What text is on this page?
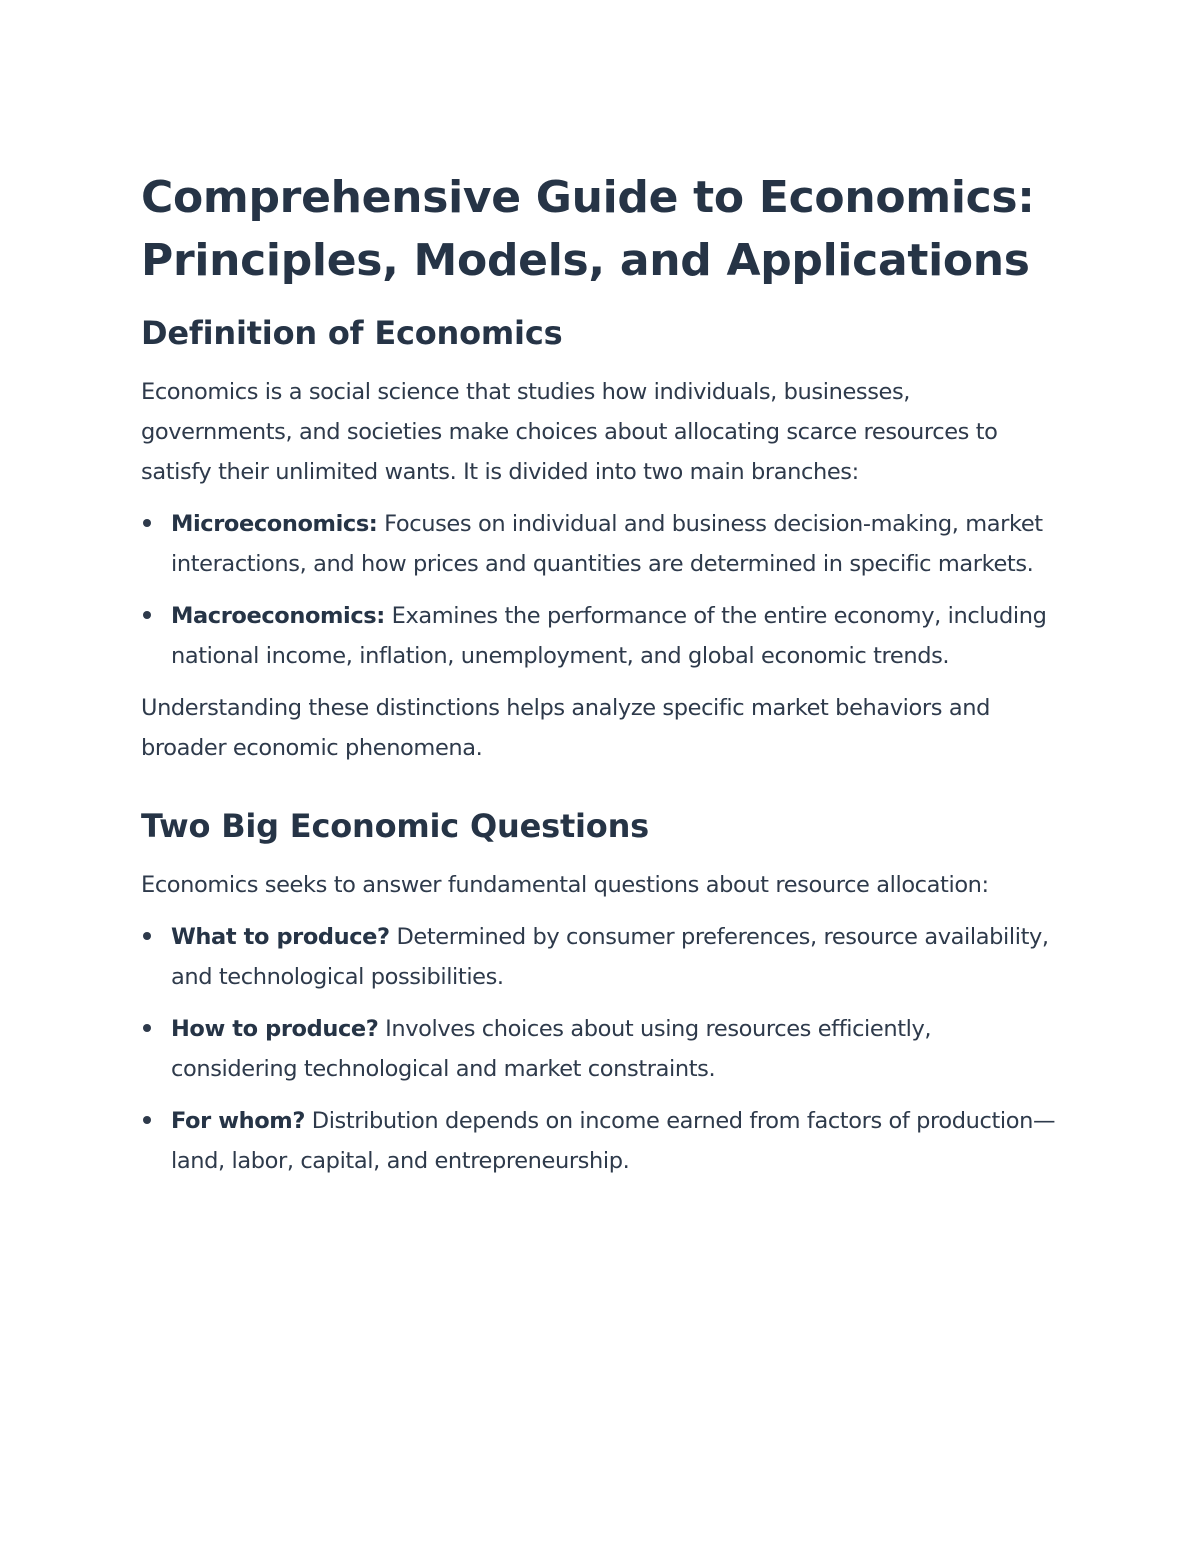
Comprehensive Guide to Economics:
Principles, Models, and Applications
Definition of Economics

Economics is a social science that studies how individuals, businesses, governments, and societies make choices about allocating scarce resources to satisfy their unlimited wants. It is divided into two main branches:

Microeconomics: Focuses on individual and business decision-making, market interactions, and how prices and quantities are determined in specific markets.
Macroeconomics: Examines the performance of the entire economy, including national income, inflation, unemployment, and global economic trends.

Understanding these distinctions helps analyze specific market behaviors and broader economic phenomena.

Two Big Economic Questions

Economics seeks to answer fundamental questions about resource allocation:

What to produce? Determined by consumer preferences, resource availability, and technological possibilities.
How to produce? Involves choices about using resources efficiently, considering technological and market constraints.
For whom? Distribution depends on income earned from factors of production—land, labor, capital, and entrepreneurship.
